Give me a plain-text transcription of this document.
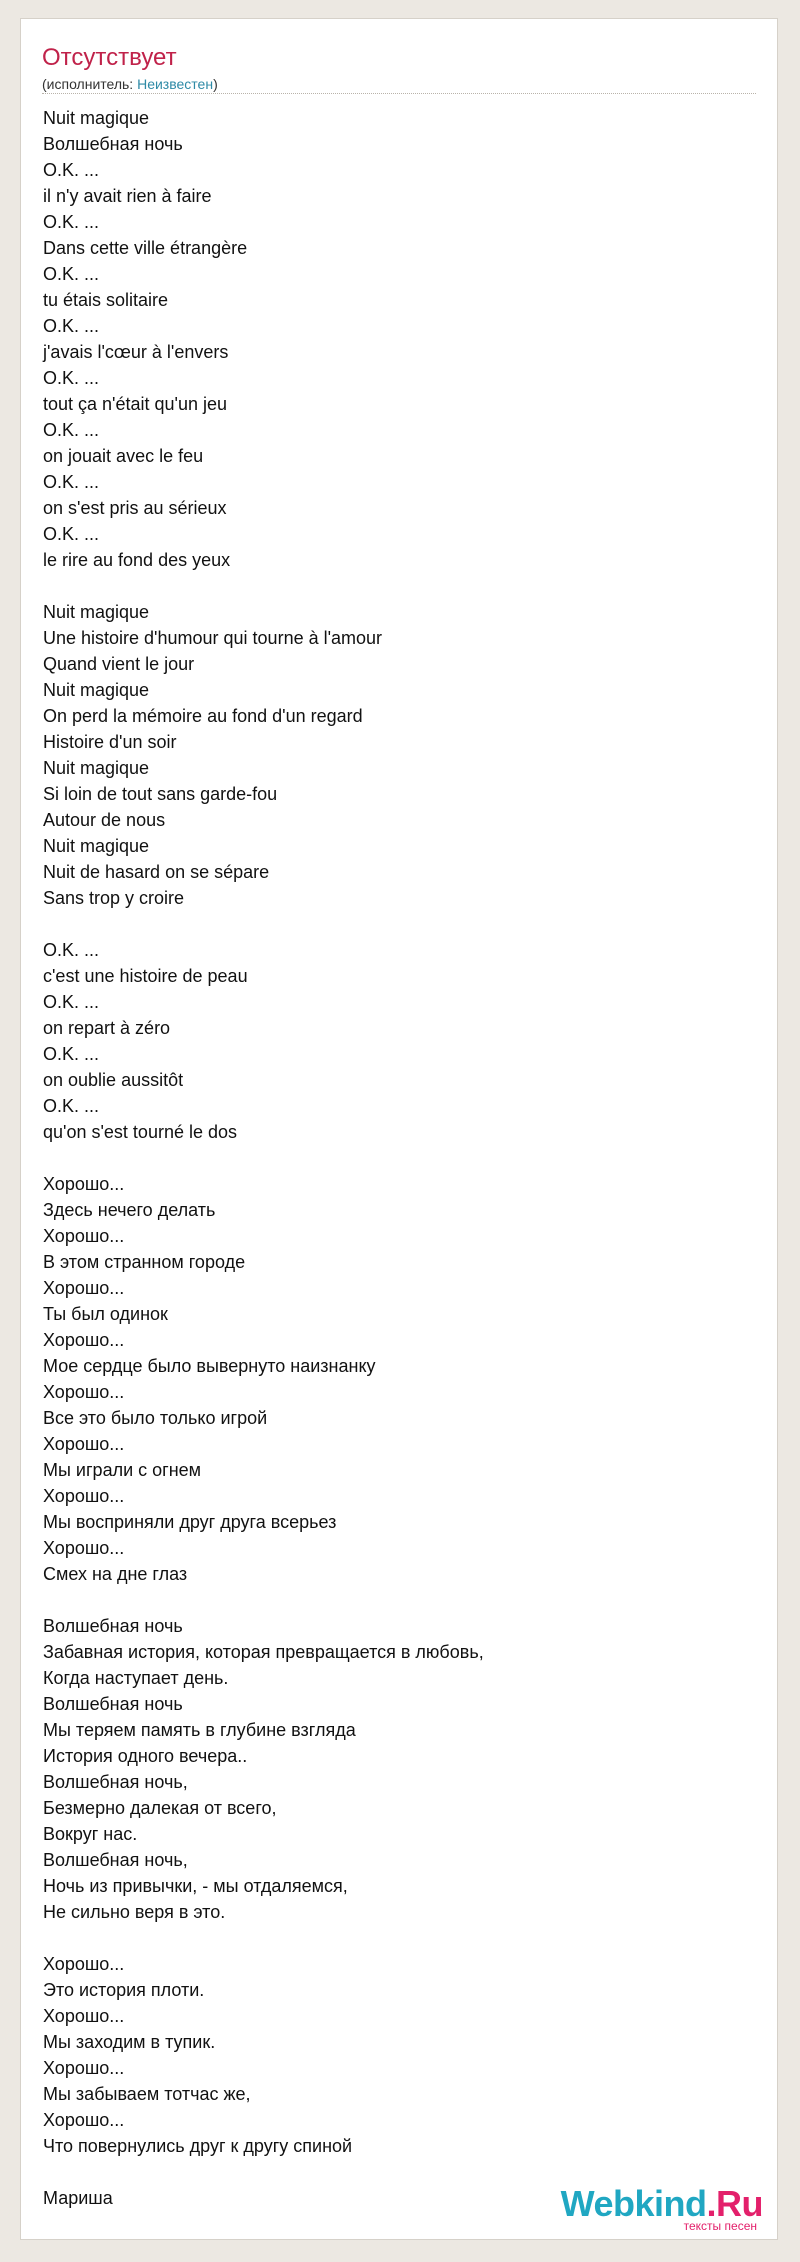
Отсутствует
(исполнитель: Неизвестен)
Nuit magique
Волшебная ночь
O.K. ...
il n'y avait rien à faire
O.K. ...
Dans cette ville étrangère
O.K. ...
tu étais solitaire
O.K. ...
j'avais l'cœur à l'envers
O.K. ...
tout ça n'était qu'un jeu
O.K. ...
on jouait avec le feu
O.K. ...
on s'est pris au sérieux
O.K. ...
le rire au fond des yeux
Nuit magique
Une histoire d'humour qui tourne à l'amour
Quand vient le jour
Nuit magique
On perd la mémoire au fond d'un regard
Histoire d'un soir
Nuit magique
Si loin de tout sans garde-fou
Autour de nous
Nuit magique
Nuit de hasard on se sépare
Sans trop y croire
O.K. ...
c'est une histoire de peau
O.K. ...
on repart à zéro
O.K. ...
on oublie aussitôt
O.K. ...
qu'on s'est tourné le dos
Хорошо...
Здесь нечего делать
Хорошо...
В этом странном городе
Хорошо...
Ты был одинок
Хорошо...
Мое сердце было вывернуто наизнанку
Хорошо...
Все это было только игрой
Хорошо...
Мы играли с огнем
Хорошо...
Мы восприняли друг друга всерьез
Хорошо...
Смех на дне глаз
Волшебная ночь
Забавная история, которая превращается в любовь,
Когда наступает день.
Волшебная ночь
Мы теряем память в глубине взгляда
История одного вечера..
Волшебная ночь,
Безмерно далекая от всего,
Вокруг нас.
Волшебная ночь,
Ночь из привычки, - мы отдаляемся,
Не сильно веря в это.
Хорошо...
Это история плоти.
Хорошо...
Мы заходим в тупик.
Хорошо...
Мы забываем тотчас же,
Хорошо...
Что повернулись друг к другу спиной
Мариша	Webkind.Ru
тексты песен
